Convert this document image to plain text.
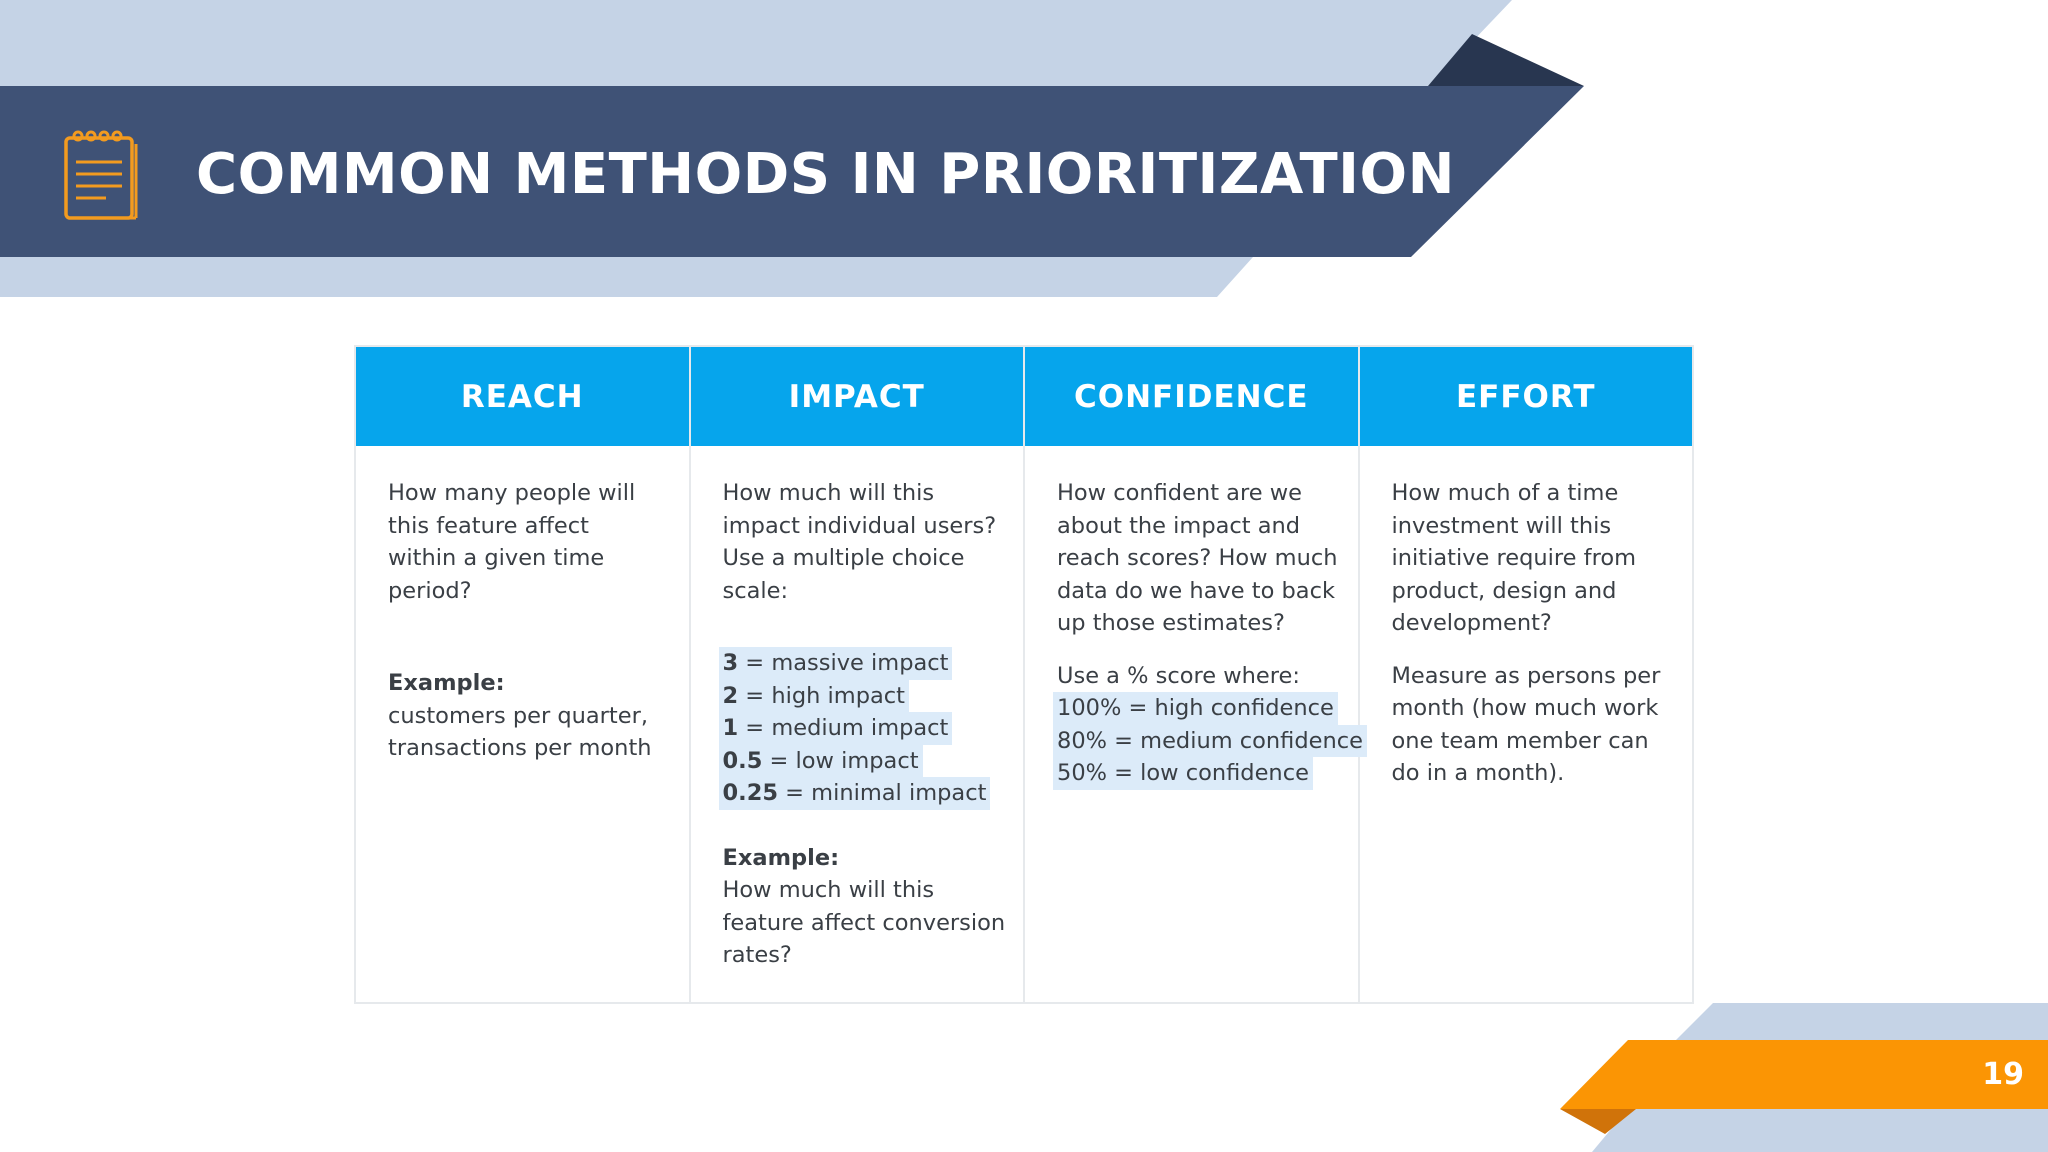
COMMON METHODS IN PRIORITIZATION
REACH

How many people will
this feature affect
within a given time
period?

Example:
customers per quarter,
transactions per month

IMPACT

How much will this
impact individual users?
Use a multiple choice
scale:

3 = massive impact
2 = high impact
1 = medium impact
0.5 = low impact
0.25 = minimal impact

Example:
How much will this
feature affect conversion
rates?

CONFIDENCE

How confident are we
about the impact and
reach scores? How much
data do we have to back
up those estimates?

Use a % score where:
100% = high confidence
80% = medium confidence
50% = low confidence

EFFORT

How much of a time
investment will this
initiative require from
product, design and
development?

Measure as persons per
month (how much work
one team member can
do in a month).

19
